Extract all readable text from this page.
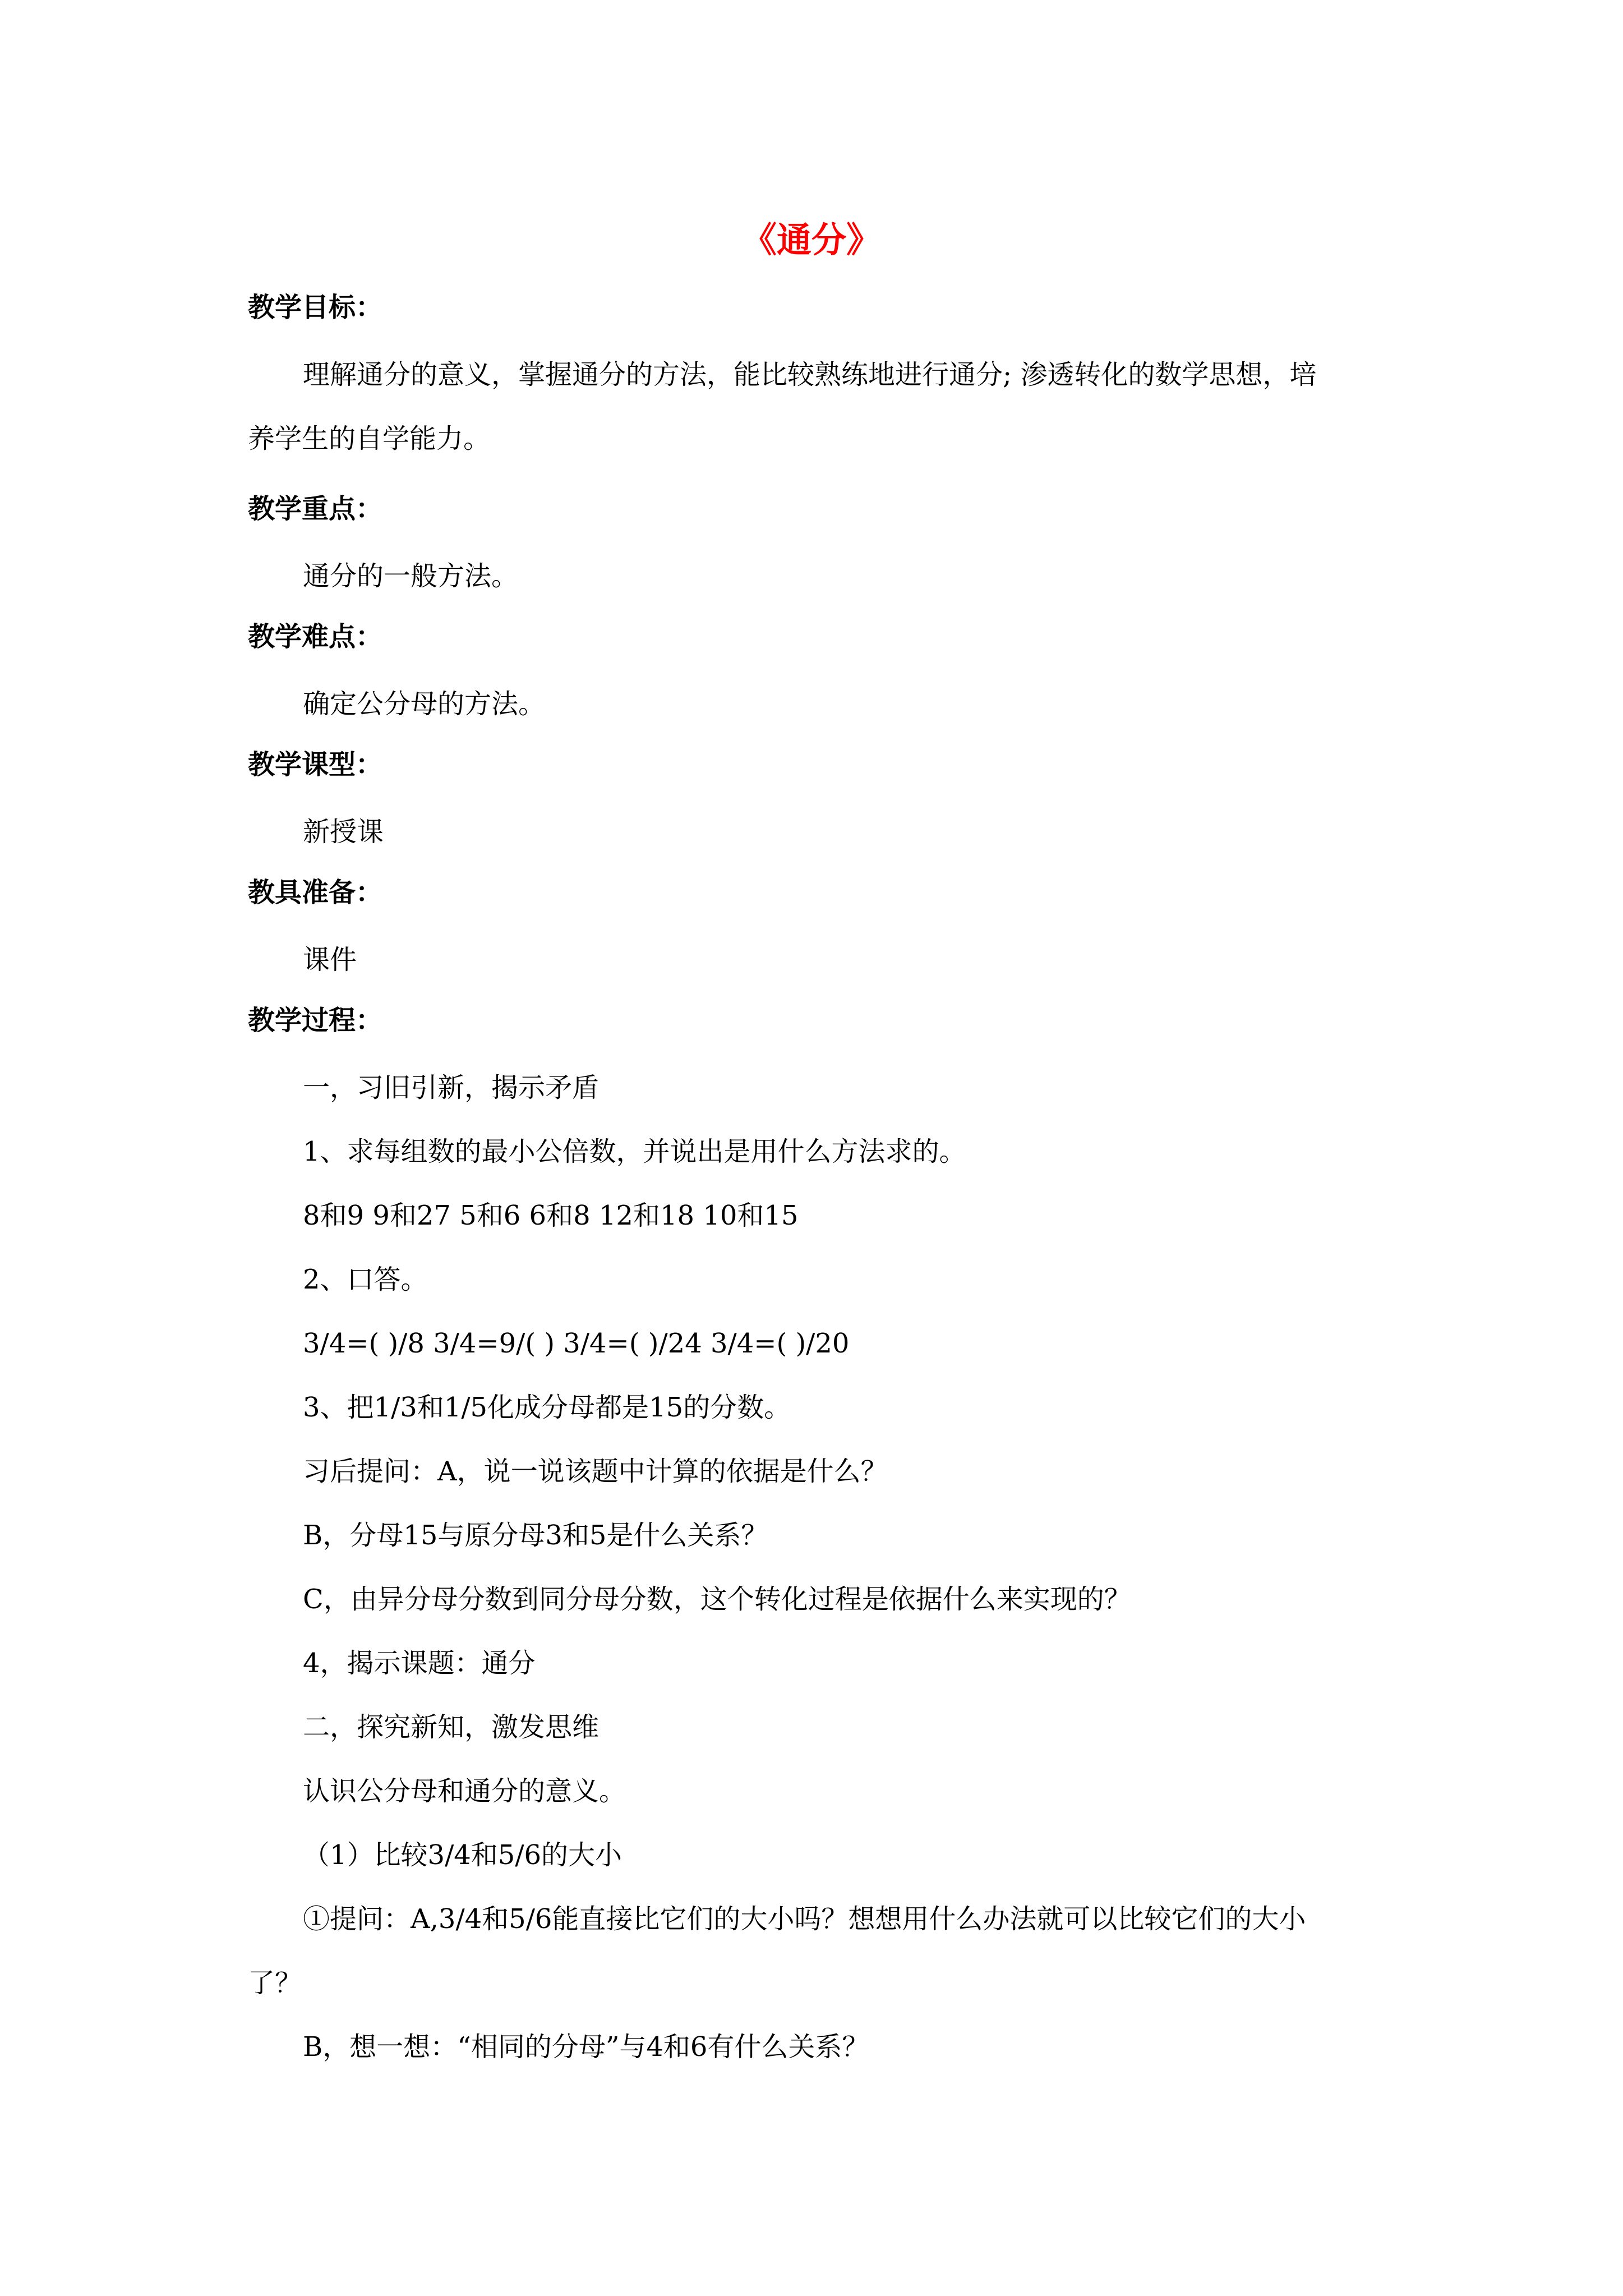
《通分》
教学目标：
理解通分的意义，掌握通分的方法，能比较熟练地进行通分; 渗透转化的数学思想，培
养学生的自学能力。
教学重点：
通分的一般方法。
教学难点：
确定公分母的方法。
教学课型：
新授课
教具准备：
课件
教学过程：
一，习旧引新，揭示矛盾
1、求每组数的最小公倍数，并说出是用什么方法求的。
8和9 9和27 5和6 6和8 12和18 10和15
2、口答。
3/4=( )/8 3/4=9/( ) 3/4=( )/24 3/4=( )/20
3、把1/3和1/5化成分母都是15的分数。
习后提问：A，说一说该题中计算的依据是什么？
B，分母15与原分母3和5是什么关系？
C，由异分母分数到同分母分数，这个转化过程是依据什么来实现的？
4，揭示课题：通分
二，探究新知，激发思维
认识公分母和通分的意义。
（1）比较3/4和5/6的大小
①提问：A,3/4和5/6能直接比它们的大小吗？想想用什么办法就可以比较它们的大小
了？
B，想一想：“相同的分母”与4和6有什么关系？
